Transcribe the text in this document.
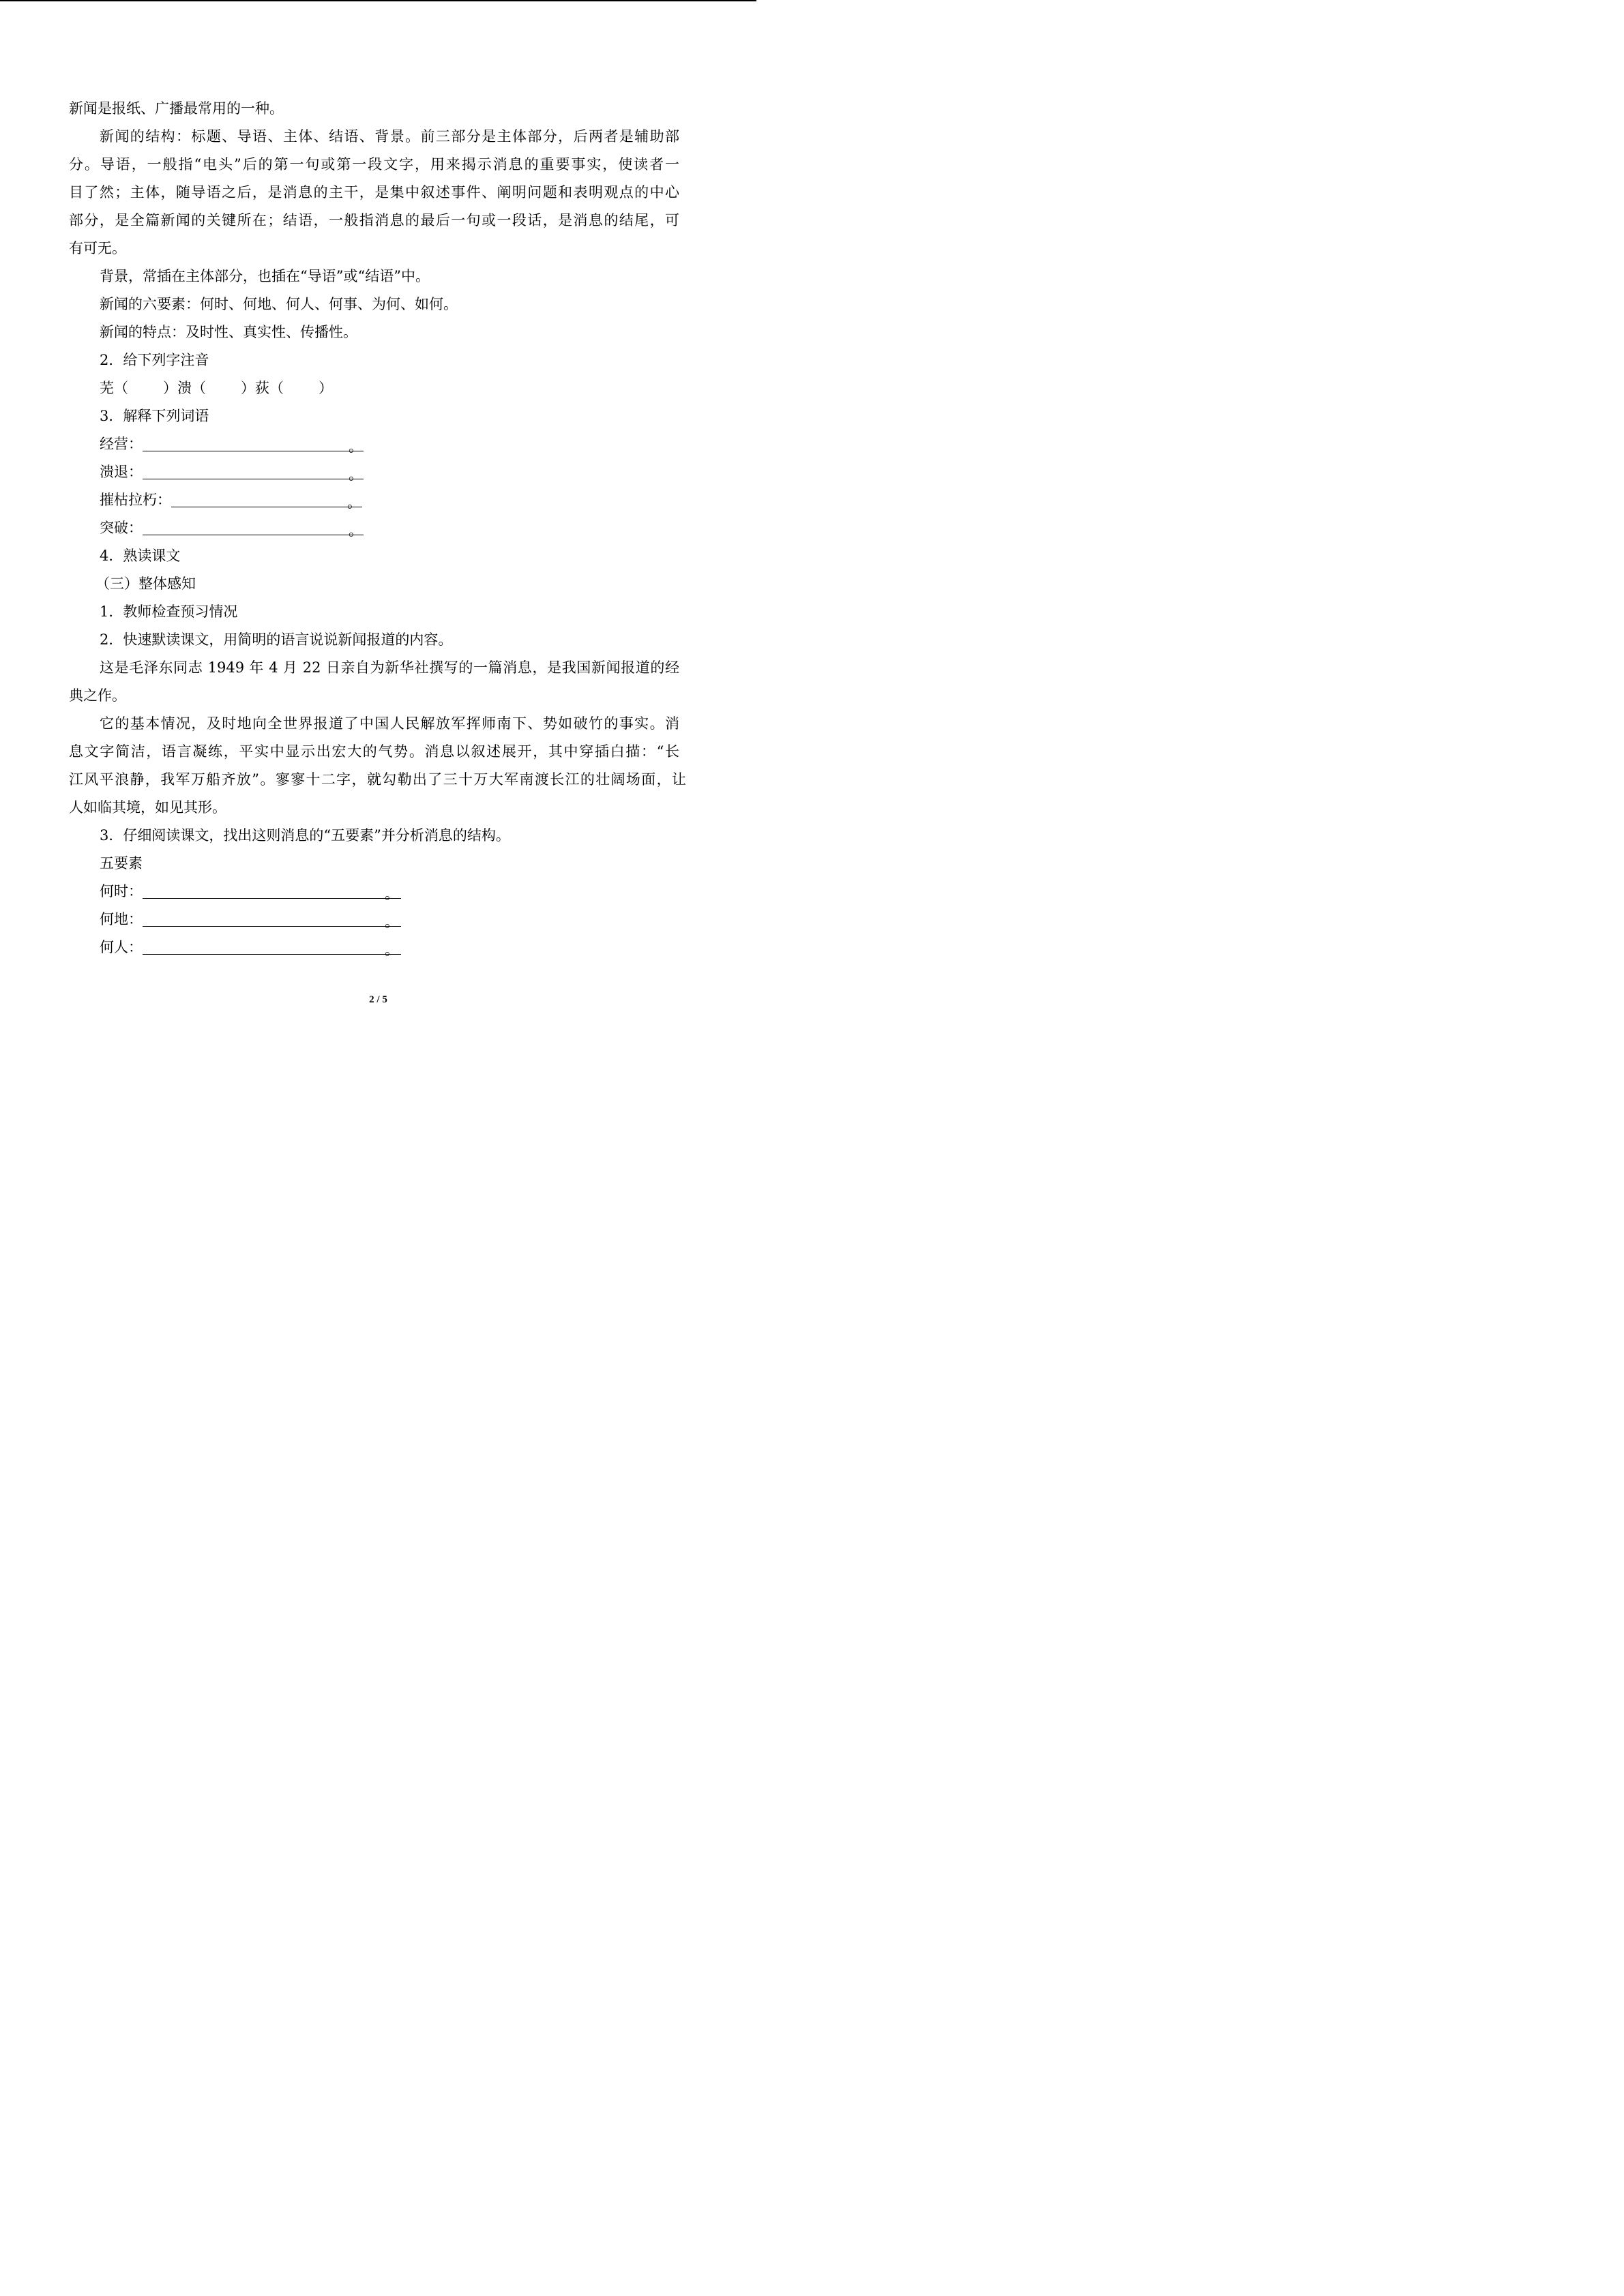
新闻是报纸、广播最常用的一种。
新闻的结构：标题、导语、主体、结语、背景。前三部分是主体部分，后两者是辅助部
分。导语，一般指“电头”后的第一句或第一段文字，用来揭示消息的重要事实，使读者一
目了然；主体，随导语之后，是消息的主干，是集中叙述事件、阐明问题和表明观点的中心
部分，是全篇新闻的关键所在；结语，一般指消息的最后一句或一段话，是消息的结尾，可
有可无。
背景，常插在主体部分，也插在“导语”或“结语”中。
新闻的六要素：何时、何地、何人、何事、为何、如何。
新闻的特点：及时性、真实性、传播性。
2．给下列字注音
芜（ ）溃（ ）荻（ ）
3．解释下列词语
经营：	。
溃退：	。
摧枯拉朽：	。
突破：	。
4．熟读课文
（三）整体感知
1．教师检查预习情况
2．快速默读课文，用简明的语言说说新闻报道的内容。
这是毛泽东同志 1949 年 4 月 22 日亲自为新华社撰写的一篇消息，是我国新闻报道的经
典之作。
它的基本情况，及时地向全世界报道了中国人民解放军挥师南下、势如破竹的事实。消
息文字简洁，语言凝练，平实中显示出宏大的气势。消息以叙述展开，其中穿插白描：“长
江风平浪静，我军万船齐放”。寥寥十二字，就勾勒出了三十万大军南渡长江的壮阔场面，让
人如临其境，如见其形。
3．仔细阅读课文，找出这则消息的“五要素”并分析消息的结构。
五要素
何时：	。
何地：	。
何人：	。
2 / 5
